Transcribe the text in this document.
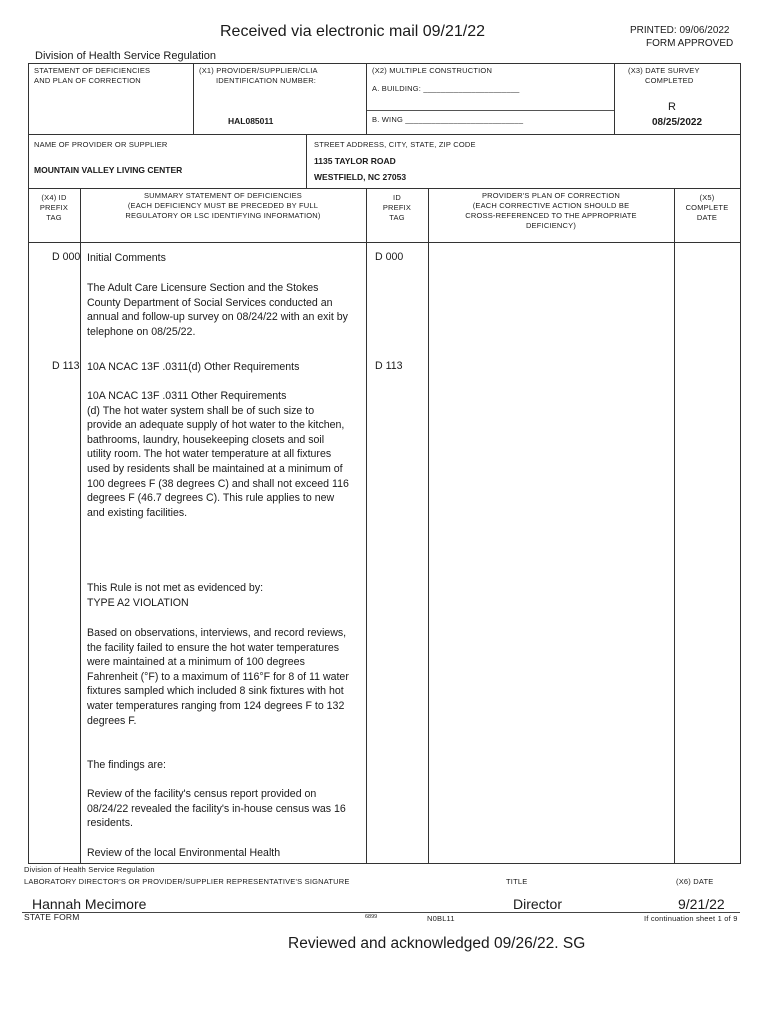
Received via electronic mail 09/21/22	PRINTED: 09/06/2022
FORM APPROVED
Division of Health Service Regulation
STATEMENT OF DEFICIENCIES
AND PLAN OF CORRECTION
(X1) PROVIDER/SUPPLIER/CLIA
IDENTIFICATION NUMBER:
HAL085011
(X2) MULTIPLE CONSTRUCTION
A. BUILDING: ______________________
B. WING ___________________________
(X3) DATE SURVEY
COMPLETED
R
08/25/2022
NAME OF PROVIDER OR SUPPLIER
MOUNTAIN VALLEY LIVING CENTER
STREET ADDRESS, CITY, STATE, ZIP CODE
1135 TAYLOR ROAD
WESTFIELD, NC 27053
(X4) ID
PREFIX
TAG
SUMMARY STATEMENT OF DEFICIENCIES
(EACH DEFICIENCY MUST BE PRECEDED BY FULL
REGULATORY OR LSC IDENTIFYING INFORMATION)
ID
PREFIX
TAG
PROVIDER'S PLAN OF CORRECTION
(EACH CORRECTIVE ACTION SHOULD BE
CROSS-REFERENCED TO THE APPROPRIATE
DEFICIENCY)
(X5)
COMPLETE
DATE
D 000	D 000
Initial Comments
The Adult Care Licensure Section and the Stokes County Department of Social Services conducted an annual and follow-up survey on 08/24/22 with an exit by telephone on 08/25/22.
D 113	D 113
10A NCAC 13F .0311(d) Other Requirements
10A NCAC 13F .0311 Other Requirements
(d) The hot water system shall be of such size to provide an adequate supply of hot water to the kitchen, bathrooms, laundry, housekeeping closets and soil utility room. The hot water temperature at all fixtures used by residents shall be maintained at a minimum of 100 degrees F (38 degrees C) and shall not exceed 116 degrees F (46.7 degrees C). This rule applies to new and existing facilities.
This Rule is not met as evidenced by:
TYPE A2 VIOLATION
Based on observations, interviews, and record reviews, the facility failed to ensure the hot water temperatures were maintained at a minimum of 100 degrees Fahrenheit (°F) to a maximum of 116°F for 8 of 11 water fixtures sampled which included 8 sink fixtures with hot water temperatures ranging from 124 degrees F to 132 degrees F.
The findings are:
Review of the facility's census report provided on 08/24/22 revealed the facility's in-house census was 16 residents.
Review of the local Environmental Health
Division of Health Service Regulation
LABORATORY DIRECTOR'S OR PROVIDER/SUPPLIER REPRESENTATIVE'S SIGNATURE	TITLE	(X6) DATE
Hannah Mecimore	Director	9/21/22
STATE FORM	6899	N0BL11	If continuation sheet 1 of 9
Reviewed and acknowledged 09/26/22. SG
